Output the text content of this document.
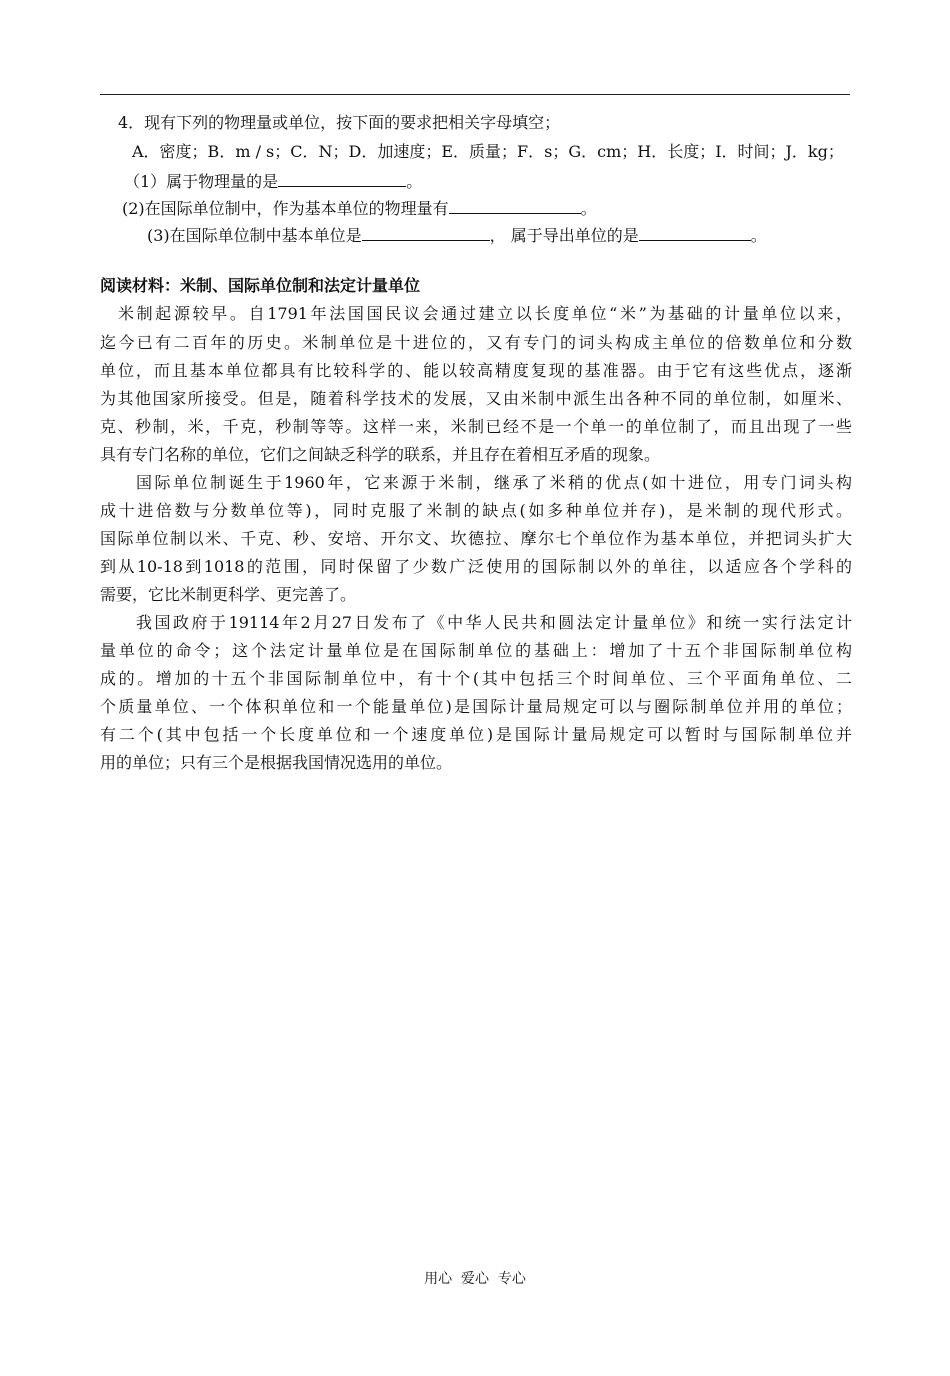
4．现有下列的物理量或单位，按下面的要求把相关字母填空；
A．密度；B．m / s；C．N；D．加速度；E．质量；F．s；G．cm；H．长度；I．时间；J．kg；
（1）属于物理量的是	。
(2)在国际单位制中，作为基本单位的物理量有	。
(3)在国际单位制中基本单位是	， 属于导出单位的是	。
阅读材料：米制、国际单位制和法定计量单位
米制起源较早。自1791年法国国民议会通过建立以长度单位“米”为基础的计量单位以来，
迄今已有二百年的历史。米制单位是十进位的，又有专门的词头构成主单位的倍数单位和分数
单位，而且基本单位都具有比较科学的、能以较高精度复现的基准器。由于它有这些优点，逐渐
为其他国家所接受。但是，随着科学技术的发展，又由米制中派生出各种不同的单位制，如厘米、
克、秒制，米，千克，秒制等等。这样一来，米制已经不是一个单一的单位制了，而且出现了一些
具有专门名称的单位，它们之间缺乏科学的联系，并且存在着相互矛盾的现象。
国际单位制诞生于1960年，它来源于米制，继承了米稍的优点(如十进位，用专门词头构
成十进倍数与分数单位等)，同时克服了米制的缺点(如多种单位并存)，是米制的现代形式。
国际单位制以米、千克、秒、安培、开尔文、坎德拉、摩尔七个单位作为基本单位，并把词头扩大
到从10-18到1018的范围，同时保留了少数广泛使用的国际制以外的单往，以适应各个学科的
需要，它比米制更科学、更完善了。
我国政府于19114年2月27日发布了《中华人民共和圆法定计量单位》和统一实行法定计
量单位的命令；这个法定计量单位是在国际制单位的基础上：增加了十五个非国际制单位构
成的。增加的十五个非国际制单位中，有十个(其中包括三个时间单位、三个平面角单位、二
个质量单位、一个体积单位和一个能量单位)是国际计量局规定可以与圈际制单位并用的单位；
有二个(其中包括一个长度单位和一个速度单位)是国际计量局规定可以暂时与国际制单位并
用的单位；只有三个是根据我国情况选用的单位。
用心  爱心  专心
